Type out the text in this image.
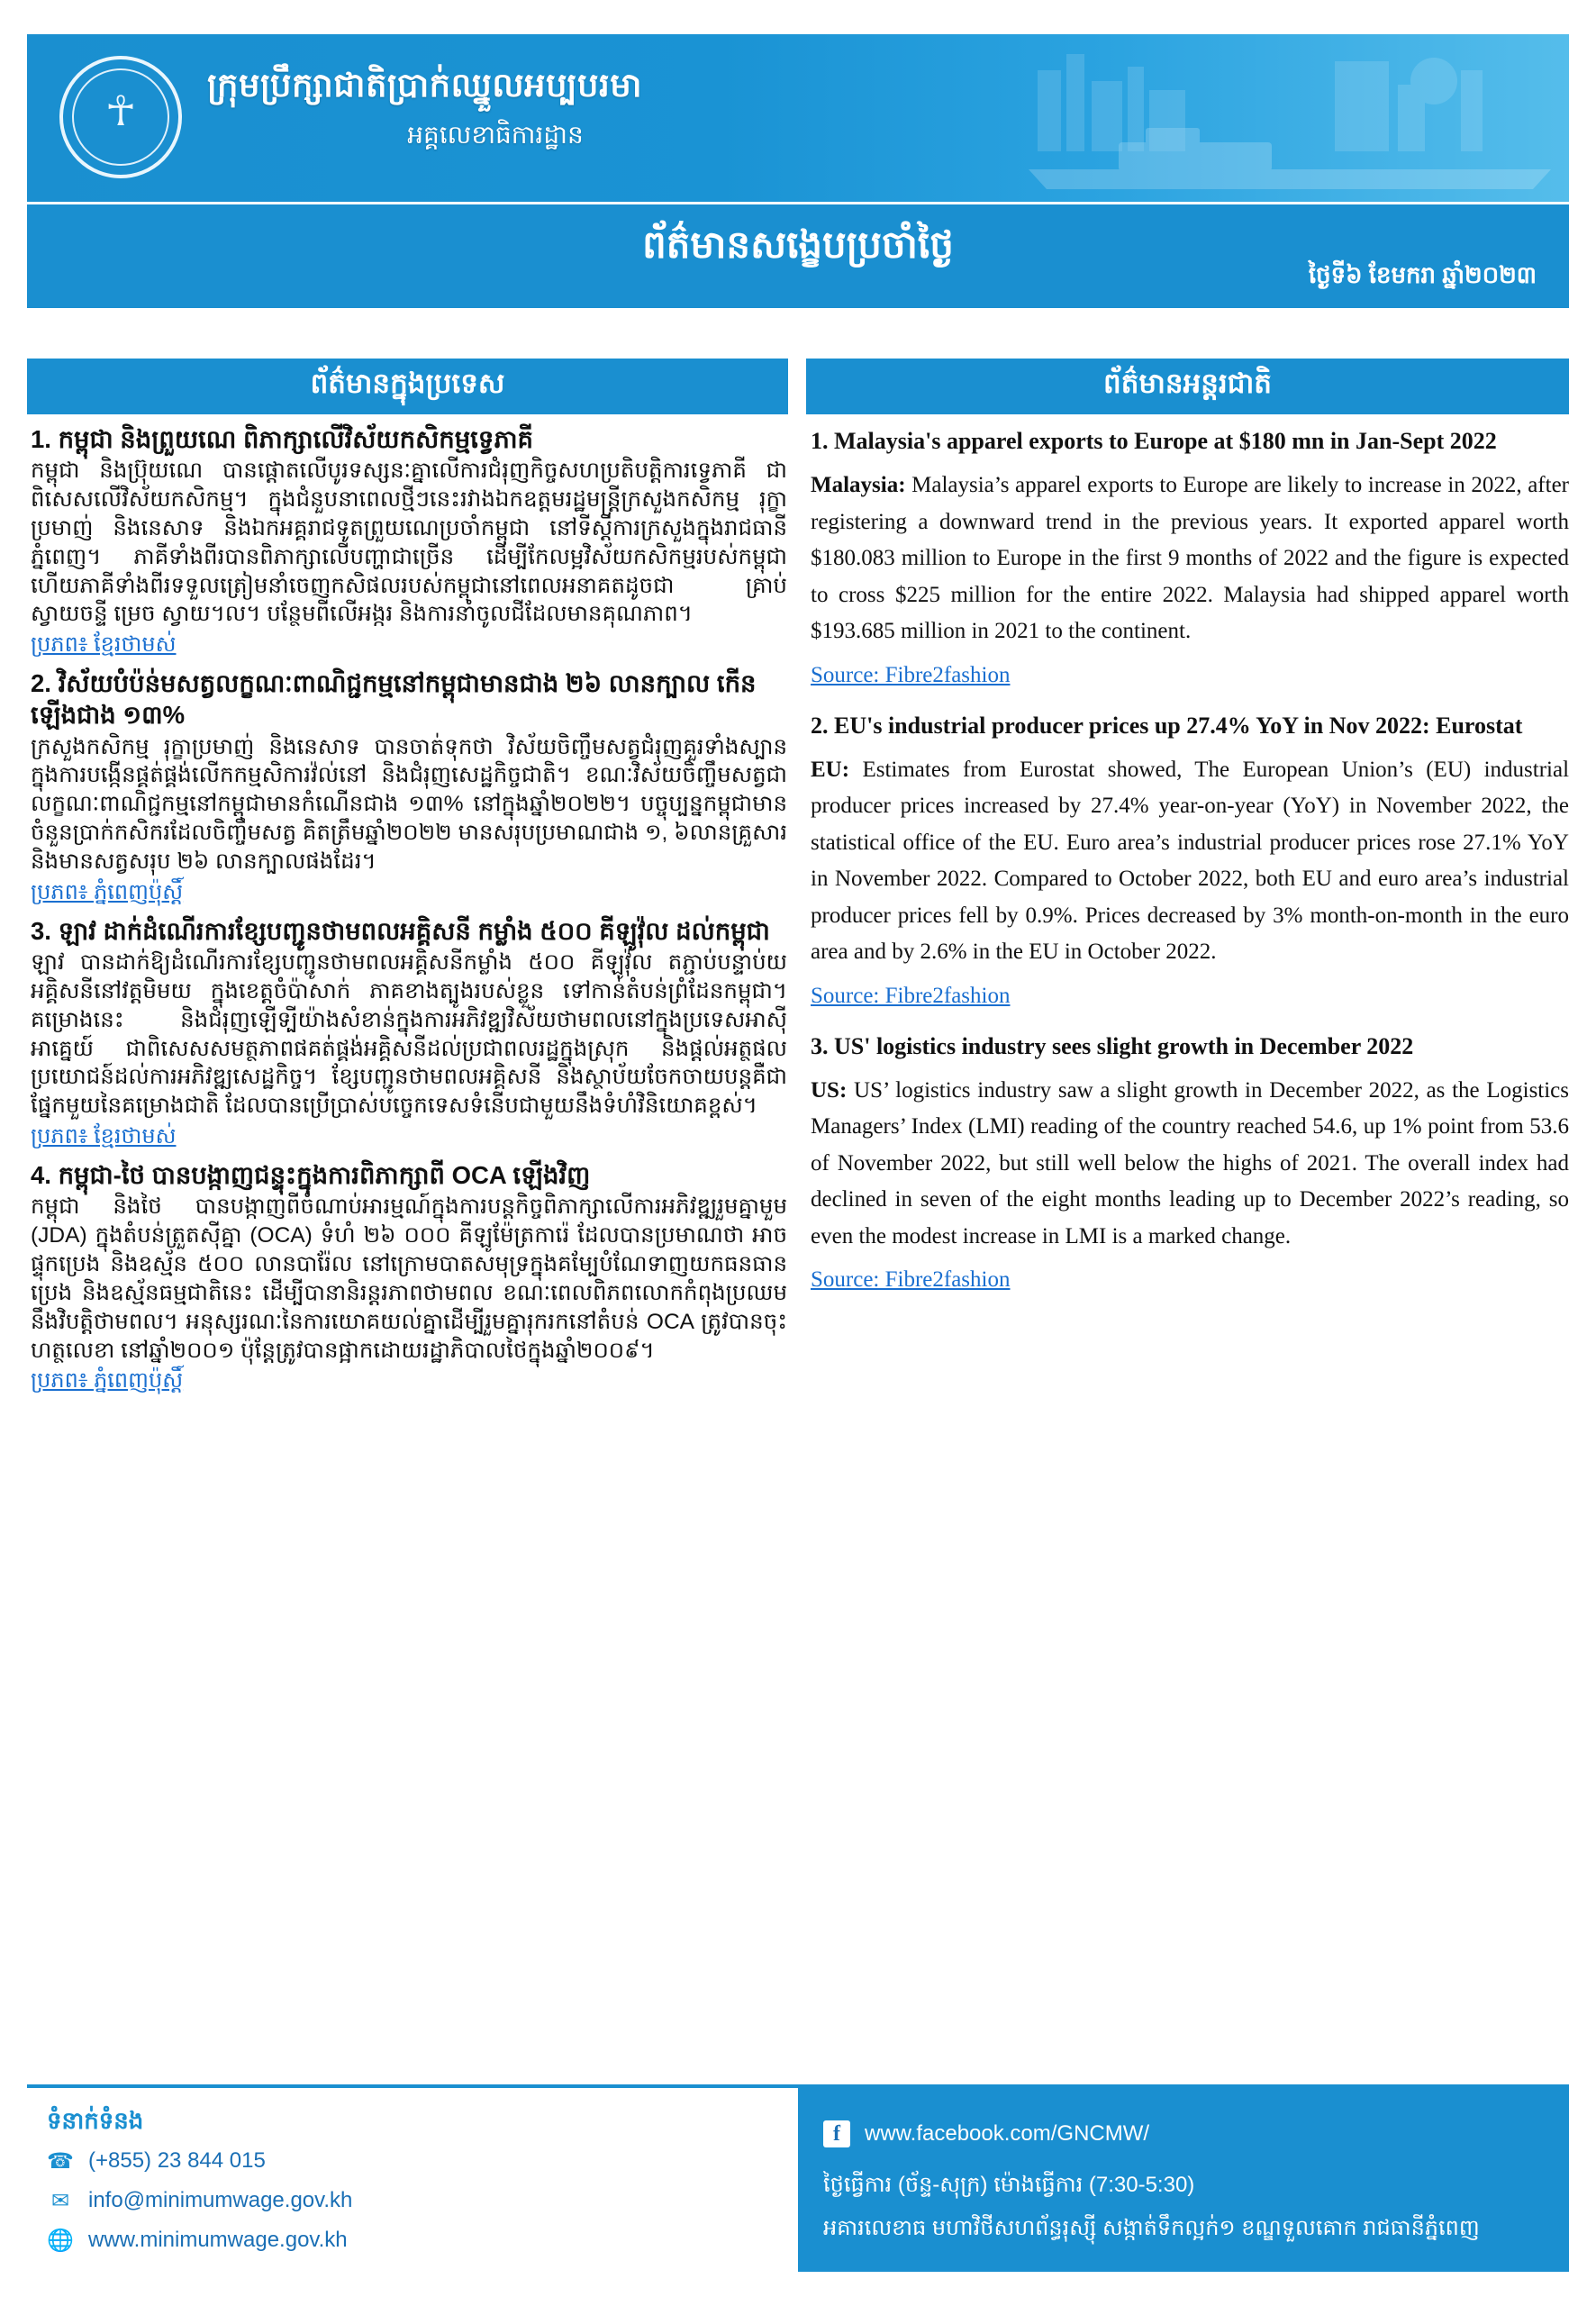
☥
ក្រុមប្រឹក្សាជាតិប្រាក់ឈ្នួលអប្បបរមា
អគ្គលេខាធិការដ្ឋាន
ព័ត៌មានសង្ខេបប្រចាំថ្ងៃ
ថ្ងៃទី៦ ខែមករា ឆ្នាំ២០២៣
ព័ត៌មានក្នុងប្រទេស	ព័ត៌មានអន្តរជាតិ

1. កម្ពុជា និងព្រួយណេ ពិភាក្សាលើវិស័យកសិកម្មទ្វេភាគី

កម្ពុជា និងប្រ៊ុយណេ បានផ្តោតលើបូរទស្សនៈគ្នាលើការជំរុញកិច្ចសហប្រតិបត្តិការទ្វេភាគី ជាពិសេសលើវិស័យកសិកម្ម។ ក្នុងជំនួបនាពេលថ្មីៗនេះរវាងឯកឧត្តមរដ្ឋមន្ត្រីក្រសួងកសិកម្ម រុក្ខាប្រមាញ់ និងនេសាទ និងឯកអគ្គរាជទូតព្រួយណេប្រចាំកម្ពុជា នៅទីស្តីការក្រសួងក្នុងរាជធានីភ្នំពេញ។ ភាគីទាំងពីរបានពិភាក្សាលើបញ្ហាជាច្រើន ដើម្បីកែលម្អវិស័យកសិកម្មរបស់កម្ពុជា ហើយភាគីទាំងពីរទទួលត្រៀមនាំចេញកសិផលរបស់កម្ពុជានៅពេលអនាគតដូចជា គ្រាប់ស្វាយចន្ទី ម្រេច ស្វាយ។ល។ បន្ថែមពីលើអង្ករ និងការនាំចូលជីដែលមានគុណភាព។

ប្រភព៖ ខ្មែរថាមស់

2. វិស័យបំប៉ន់មសត្វលក្ខណៈពាណិជ្ជកម្មនៅកម្ពុជាមានជាង ២៦ លានក្បាល កើនឡើងជាង ១៣%

ក្រសួងកសិកម្ម រុក្ខាប្រមាញ់ និងនេសាទ បានចាត់ទុកថា វិស័យចិញ្ចឹមសត្វជំរុញគួរទាំងស្បាន ក្នុងការបង្កើនផ្គត់ផ្គង់លើកកម្មសិការវ៉ល់នៅ និងជំរុញសេដ្ឋកិច្ចជាតិ។ ខណៈវិស័យចិញ្ចឹមសត្វជាលក្ខណៈពាណិជ្ជកម្មនៅកម្ពុជាមានកំណើនជាង ១៣% នៅក្នុងឆ្នាំ២០២២។ បច្ចុប្បន្នកម្ពុជាមានចំនួនប្រាក់កសិករដែលចិញ្ចឹមសត្វ គិតត្រឹមឆ្នាំ២០២២ មានសរុបប្រមាណជាង ១, ៦លានគ្រួសារ និងមានសត្វសរុប ២៦ លានក្បាលផងដែរ។

ប្រភព៖ ភ្នំពេញប៉ុស្តិ៍

3. ឡាវ ដាក់ដំណើរការខ្សែបញ្ជូនថាមពលអគ្គិសនី កម្លាំង ៥០០ គីឡូវ៉ុល ដល់កម្ពុជា

ឡាវ បានដាក់ឱ្យដំណើរការខ្សែបញ្ជូនថាមពលអគ្គិសនីកម្លាំង ៥០០ គីឡូវ៉ុល តភ្ជាប់បន្ទាប់យអគ្គិសនីនៅវត្តមិមយ ក្នុងខេត្តចំប៉ាសាក់ ភាគខាងត្បូងរបស់ខ្លួន ទៅកាន់តំបន់ព្រំដែនកម្ពុជា។ គម្រោងនេះ និងជំរុញឡើទ្បីយ៉ាងសំខាន់ក្នុងការអភិវឌ្ឍវិស័យថាមពលនៅក្នុងប្រទេសអាស៊ីអាគ្នេយ៍ ជាពិសេសសមត្ថភាពផគត់ផ្គង់អគ្គិសនីដល់ប្រជាពលរដ្ឋក្នុងស្រុក និងផ្តល់អត្ថផលប្រយោជន៍ដល់ការអភិវឌ្ឍសេដ្ឋកិច្ច។ ខ្សែបញ្ជូនថាមពលអគ្គិសនី និងស្ថាប័យចែកចាយបន្តគឺជាផ្នែកមួយនៃគម្រោងជាតិ ដែលបានប្រើប្រាស់បច្ចេកទេសទំនើបជាមួយនឹងទំហំវិនិយោគខ្ពស់។

ប្រភព៖ ខ្មែរថាមស់

4. កម្ពុជា-ថៃ បានបង្កាញជន្ទុះក្នុងការពិភាក្សាពី OCA ឡើងវិញ

កម្ពុជា និងថៃ បានបង្កាញពីចំណាប់អារម្មណ៍ក្នុងការបន្តកិច្ចពិភាក្សាលើការអភិវឌ្ឍរួមគ្នាមួម (JDA) ក្នុងតំបន់ត្រួតស៊ីគ្នា (OCA) ទំហំ ២៦ ០០០ គីឡូម៉ែត្រការ៉េ ដែលបានប្រមាណថា អាចផ្ទុកប្រេង និងឧស្ម័ន ៥០០ លានបារ៉ែល នៅក្រោមបាតសមុទ្រក្នុងគម្បែបំណែទាញយកធនធានប្រេង និងឧស្ម័នធម្មជាតិនេះ ដើម្បីបានានិរន្តរភាពថាមពល ខណៈពេលពិភពលោកកំពុងប្រឈមនឹងវិបត្តិថាមពល។ អនុស្សរណៈនៃការយោគយល់គ្នាដើម្បីរួមគ្នារុករកនៅតំបន់ OCA ត្រូវបានចុះហត្ថលេខា នៅឆ្នាំ២០០១ ប៉ុន្តែត្រូវបានផ្អាកដោយរដ្ឋាភិបាលថៃក្នុងឆ្នាំ២០០៩។

ប្រភព៖ ភ្នំពេញប៉ុស្តិ៍

1. Malaysia's apparel exports to Europe at $180 mn in Jan-Sept 2022

Malaysia: Malaysia’s apparel exports to Europe are likely to increase in 2022, after registering a downward trend in the previous years. It exported apparel worth $180.083 million to Europe in the first 9 months of 2022 and the figure is expected to cross $225 million for the entire 2022. Malaysia had shipped apparel worth $193.685 million in 2021 to the continent.

Source: Fibre2fashion

2. EU's industrial producer prices up 27.4% YoY in Nov 2022: Eurostat

EU: Estimates from Eurostat showed, The European Union’s (EU) industrial producer prices increased by 27.4% year-on-year (YoY) in November 2022, the statistical office of the EU. Euro area’s industrial producer prices rose 27.1% YoY in November 2022. Compared to October 2022, both EU and euro area’s industrial producer prices fell by 0.9%. Prices decreased by 3% month-on-month in the euro area and by 2.6% in the EU in October 2022.

Source: Fibre2fashion

3. US' logistics industry sees slight growth in December 2022

US: US’ logistics industry saw a slight growth in December 2022, as the Logistics Managers’ Index (LMI) reading of the country reached 54.6, up 1% point from 53.6 of November 2022, but still well below the highs of 2021. The overall index had declined in seven of the eight months leading up to December 2022’s reading, so even the modest increase in LMI is a marked change.

Source: Fibre2fashion

ទំនាក់ទំនង
☎ (+855) 23 844 015
✉ info@minimumwage.gov.kh
🌐 www.minimumwage.gov.kh
f	www.facebook.com/GNCMW/
ថ្ងៃធ្វើការ (ច័ន្ទ-សុក្រ) ម៉ោងធ្វើការ (7:30-5:30)
អគារលេខាធ មហាវិថីសហព័ន្ធរុស្ស៊ី សង្កាត់ទឹកល្អក់១ ខណ្ឌទួលគោក រាជធានីភ្នំពេញ
